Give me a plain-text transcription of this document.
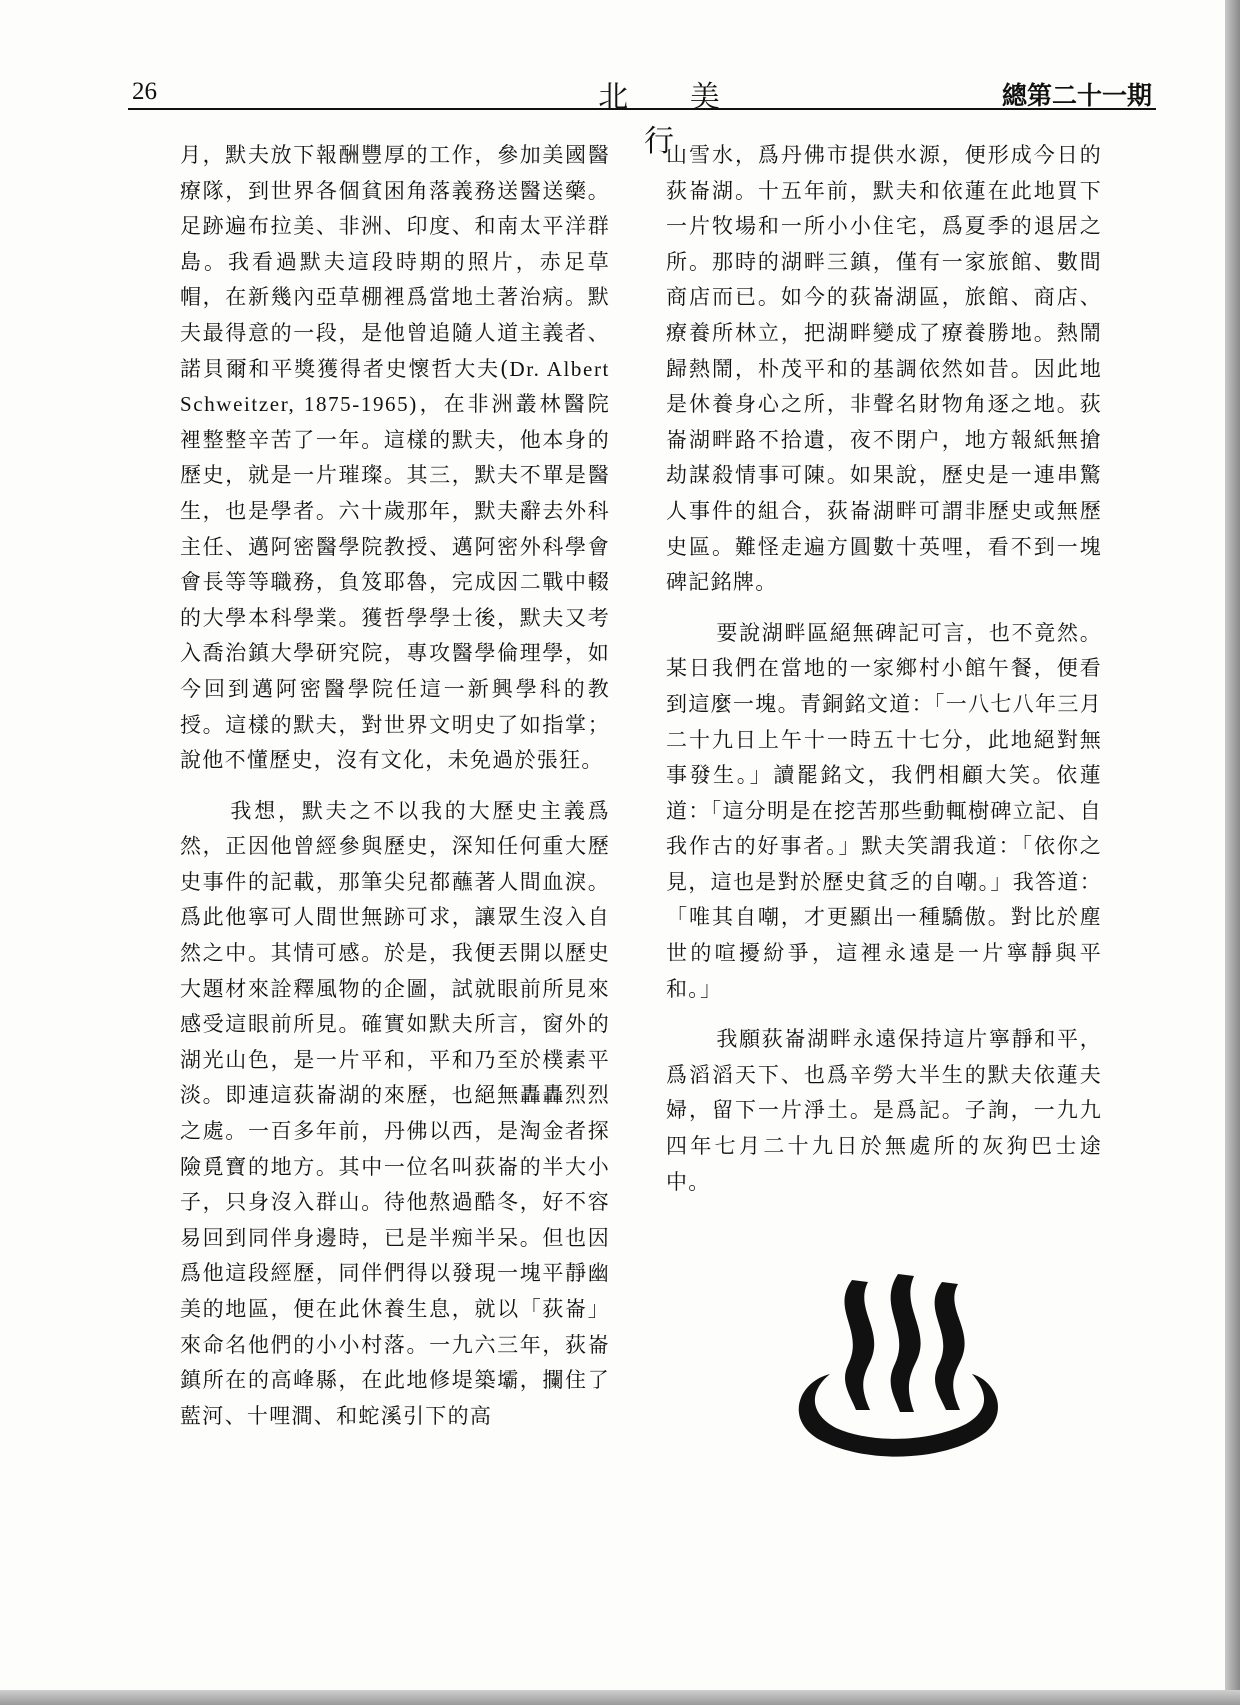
26	北 美 行
總第二十一期

月，默夫放下報酬豐厚的工作，參加美國醫療隊，到世界各個貧困角落義務送醫送藥。足跡遍布拉美、非洲、印度、和南太平洋群島。我看過默夫這段時期的照片，赤足草帽，在新幾內亞草棚裡爲當地土著治病。默夫最得意的一段，是他曾追隨人道主義者、諾貝爾和平獎獲得者史懷哲大夫(Dr. Albert Schweitzer, 1875-1965)，在非洲叢林醫院裡整整辛苦了一年。這樣的默夫，他本身的歷史，就是一片璀璨。其三，默夫不單是醫生，也是學者。六十歲那年，默夫辭去外科主任、邁阿密醫學院教授、邁阿密外科學會會長等等職務，負笈耶魯，完成因二戰中輟的大學本科學業。獲哲學學士後，默夫又考入喬治鎮大學研究院，專攻醫學倫理學，如今回到邁阿密醫學院任這一新興學科的教授。這樣的默夫，對世界文明史了如指掌；說他不懂歷史，沒有文化，未免過於張狂。

我想，默夫之不以我的大歷史主義爲然，正因他曾經參與歷史，深知任何重大歷史事件的記載，那筆尖兒都蘸著人間血淚。爲此他寧可人間世無跡可求，讓眾生沒入自然之中。其情可感。於是，我便丟開以歷史大題材來詮釋風物的企圖，試就眼前所見來感受這眼前所見。確實如默夫所言，窗外的湖光山色，是一片平和，平和乃至於樸素平淡。即連這荻崙湖的來歷，也絕無轟轟烈烈之處。一百多年前，丹佛以西，是淘金者探險覓寶的地方。其中一位名叫荻崙的半大小子，只身沒入群山。待他熬過酷冬，好不容易回到同伴身邊時，已是半痴半呆。但也因爲他這段經歷，同伴們得以發現一塊平靜幽美的地區，便在此休養生息，就以「荻崙」來命名他們的小小村落。一九六三年，荻崙鎮所在的高峰縣，在此地修堤築壩，攔住了藍河、十哩澗、和蛇溪引下的高

山雪水，爲丹佛市提供水源，便形成今日的荻崙湖。十五年前，默夫和依蓮在此地買下一片牧場和一所小小住宅，爲夏季的退居之所。那時的湖畔三鎮，僅有一家旅館、數間商店而已。如今的荻崙湖區，旅館、商店、療養所林立，把湖畔變成了療養勝地。熱鬧歸熱鬧，朴茂平和的基調依然如昔。因此地是休養身心之所，非聲名財物角逐之地。荻崙湖畔路不拾遺，夜不閉户，地方報紙無搶劫謀殺情事可陳。如果說，歷史是一連串驚人事件的組合，荻崙湖畔可謂非歷史或無歷史區。難怪走遍方圓數十英哩，看不到一塊碑記銘牌。

要說湖畔區絕無碑記可言，也不竟然。某日我們在當地的一家鄉村小館午餐，便看到這麼一塊。青銅銘文道：「一八七八年三月二十九日上午十一時五十七分，此地絕對無事發生。」讀罷銘文，我們相顧大笑。依蓮道：「這分明是在挖苦那些動輒樹碑立記、自我作古的好事者。」默夫笑謂我道：「依你之見，這也是對於歷史貧乏的自嘲。」我答道：「唯其自嘲，才更顯出一種驕傲。對比於塵世的喧擾紛爭，這裡永遠是一片寧靜與平和。」

我願荻崙湖畔永遠保持這片寧靜和平，爲滔滔天下、也爲辛勞大半生的默夫依蓮夫婦，留下一片淨土。是爲記。子詢，一九九四年七月二十九日於無處所的灰狗巴士途中。
